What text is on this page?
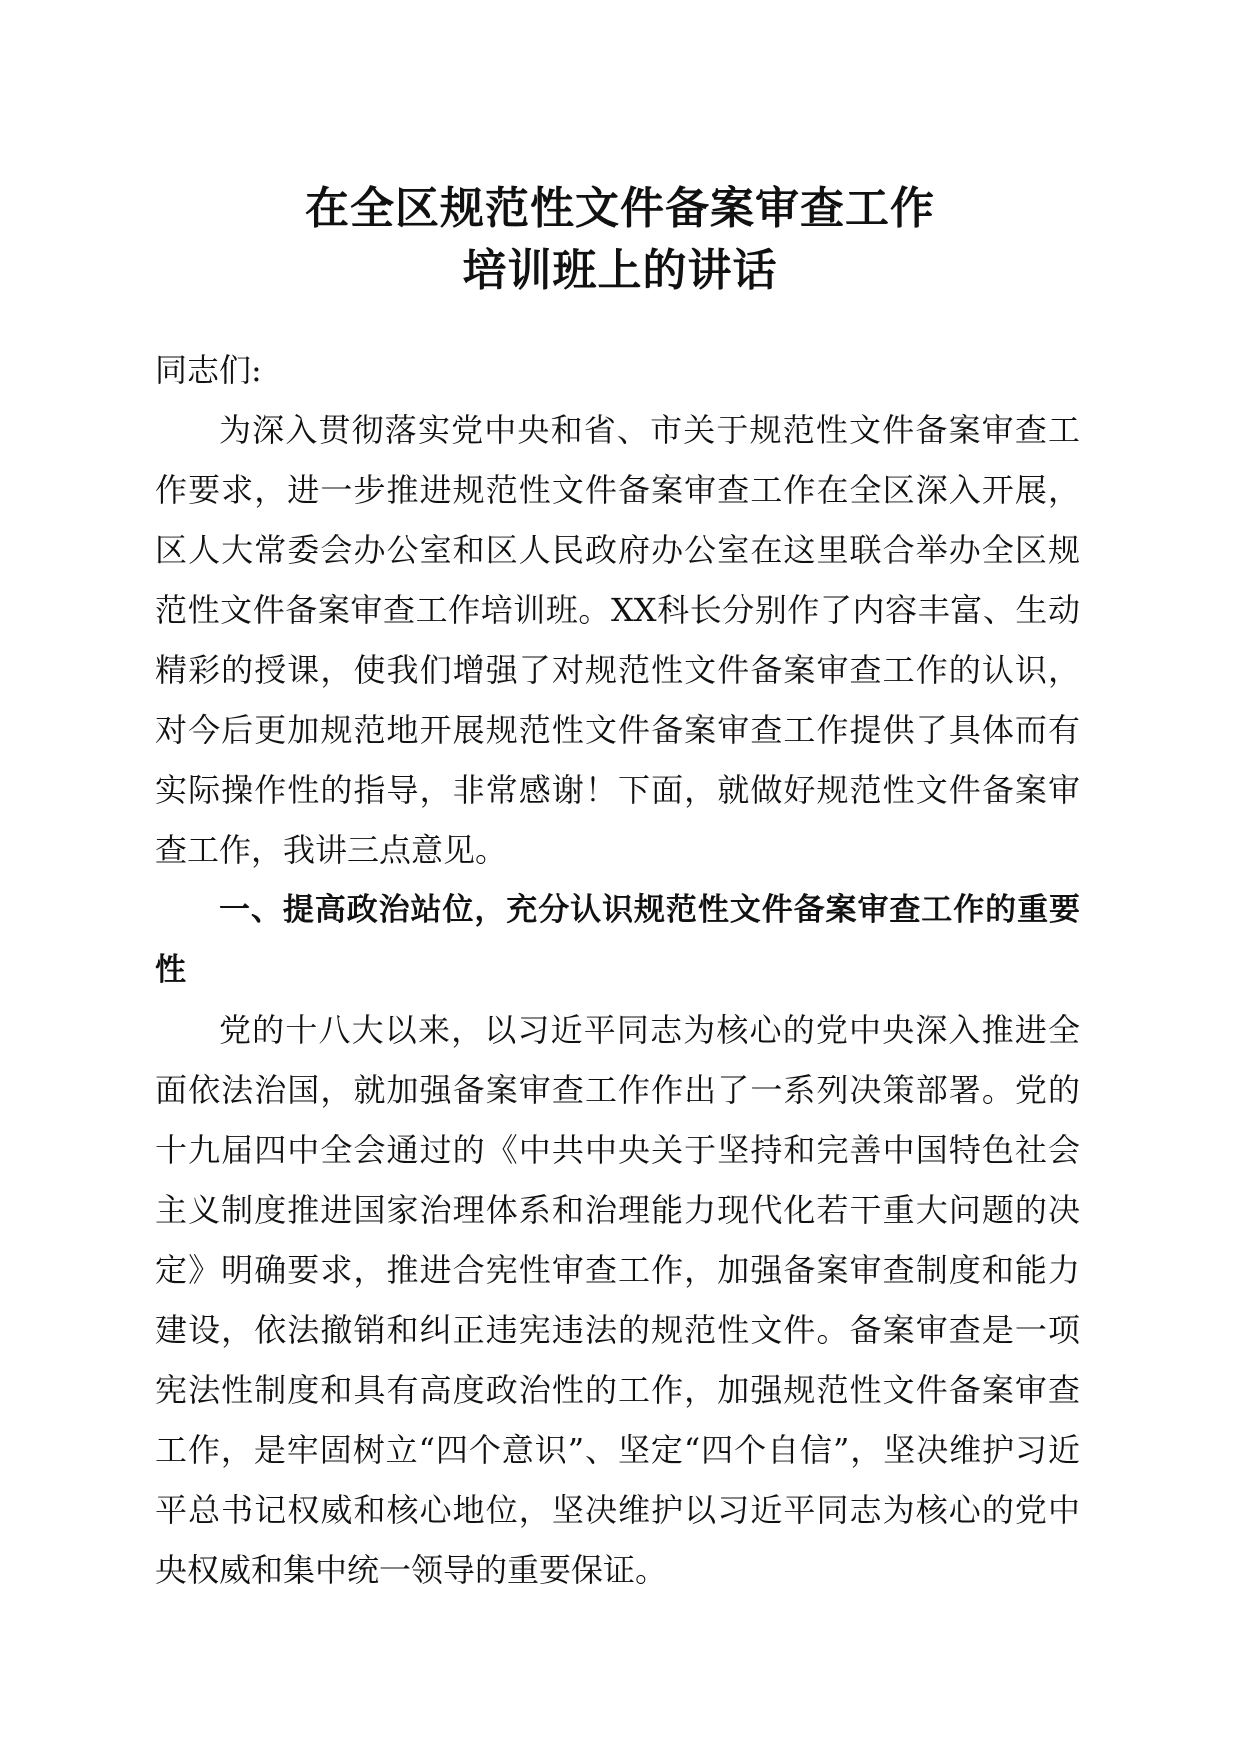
在全区规范性文件备案审查工作
培训班上的讲话

同志们:

为深入贯彻落实党中央和省、市关于规范性文件备案审查工作要求，进一步推进规范性文件备案审查工作在全区深入开展，区人大常委会办公室和区人民政府办公室在这里联合举办全区规范性文件备案审查工作培训班。XX科长分别作了内容丰富、生动精彩的授课，使我们增强了对规范性文件备案审查工作的认识，对今后更加规范地开展规范性文件备案审查工作提供了具体而有实际操作性的指导，非常感谢！下面，就做好规范性文件备案审查工作，我讲三点意见。

一、提高政治站位，充分认识规范性文件备案审查工作的重要性

党的十八大以来，以习近平同志为核心的党中央深入推进全面依法治国，就加强备案审查工作作出了一系列决策部署。党的十九届四中全会通过的《中共中央关于坚持和完善中国特色社会主义制度推进国家治理体系和治理能力现代化若干重大问题的决定》明确要求，推进合宪性审查工作，加强备案审查制度和能力建设，依法撤销和纠正违宪违法的规范性文件。备案审查是一项宪法性制度和具有高度政治性的工作，加强规范性文件备案审查工作，是牢固树立“四个意识”、坚定“四个自信”，坚决维护习近平总书记权威和核心地位，坚决维护以习近平同志为核心的党中央权威和集中统一领导的重要保证。
